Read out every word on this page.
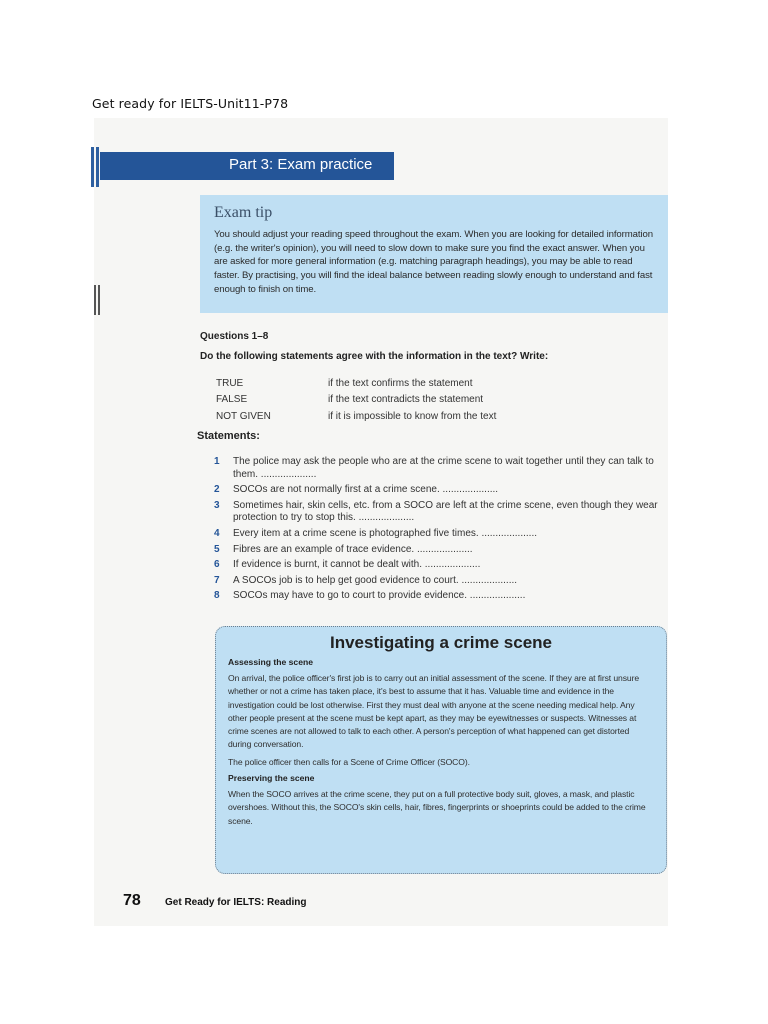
Get ready for IELTS-Unit11-P78
Part 3: Exam practice
Exam tip

You should adjust your reading speed throughout the exam. When you are looking for detailed information (e.g. the writer's opinion), you will need to slow down to make sure you find the exact answer. When you are asked for more general information (e.g. matching paragraph headings), you may be able to read faster. By practising, you will find the ideal balance between reading slowly enough to understand and fast enough to finish on time.

Questions 1–8
Do the following statements agree with the information in the text? Write:
TRUE	if the text confirms the statement
FALSE	if the text contradicts the statement
NOT GIVEN	if it is impossible to know from the text
Statements:
1	The police may ask the people who are at the crime scene to wait together until they can talk to them. ....................
2	SOCOs are not normally first at a crime scene. ....................
3	Sometimes hair, skin cells, etc. from a SOCO are left at the crime scene, even though they wear protection to try to stop this. ....................
4	Every item at a crime scene is photographed five times. ....................
5	Fibres are an example of trace evidence. ....................
6	If evidence is burnt, it cannot be dealt with. ....................
7	A SOCOs job is to help get good evidence to court. ....................
8	SOCOs may have to go to court to provide evidence. ....................
Investigating a crime scene
Assessing the scene

On arrival, the police officer's first job is to carry out an initial assessment of the scene. If they are at first unsure whether or not a crime has taken place, it's best to assume that it has. Valuable time and evidence in the investigation could be lost otherwise. First they must deal with anyone at the scene needing medical help. Any other people present at the scene must be kept apart, as they may be eyewitnesses or suspects. Witnesses at crime scenes are not allowed to talk to each other. A person's perception of what happened can get distorted during conversation.

The police officer then calls for a Scene of Crime Officer (SOCO).

Preserving the scene

When the SOCO arrives at the crime scene, they put on a full protective body suit, gloves, a mask, and plastic overshoes. Without this, the SOCO's skin cells, hair, fibres, fingerprints or shoeprints could be added to the crime scene.

78 Get Ready for IELTS: Reading
